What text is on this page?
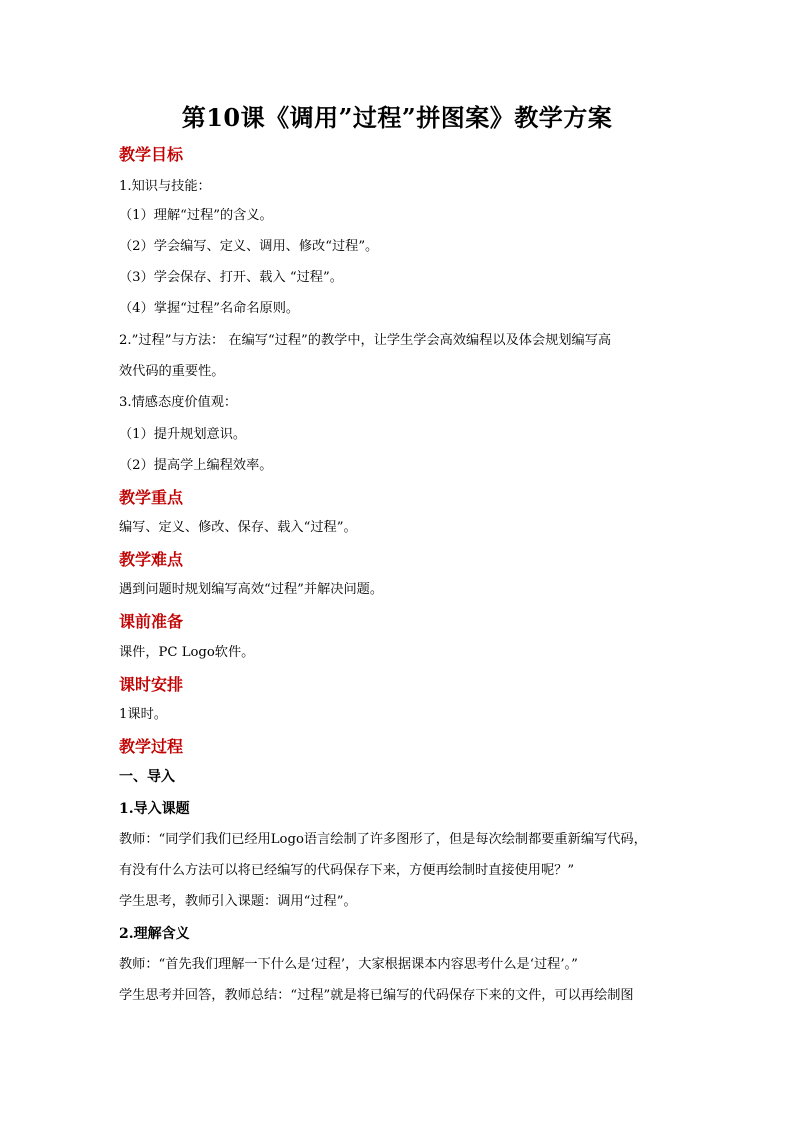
第10课《调用”过程”拼图案》教学方案
教学目标
1.知识与技能：
（1）理解“过程”的含义。
（2）学会编写、定义、调用、修改“过程”。
（3）学会保存、打开、载入 “过程”。
（4）掌握“过程”名命名原则。
2.”过程”与方法： 在编写“过程”的教学中，让学生学会高效编程以及体会规划编写高
效代码的重要性。
3.情感态度价值观：
（1）提升规划意识。
（2）提高学上编程效率。
教学重点
编写、定义、修改、保存、载入“过程”。
教学难点
遇到问题时规划编写高效“过程”并解决问题。
课前准备
课件，PC Logo软件。
课时安排
1课时。
教学过程
一、导入
1.导入课题
教师：“同学们我们已经用Logo语言绘制了许多图形了，但是每次绘制都要重新编写代码，
有没有什么方法可以将已经编写的代码保存下来，方便再绘制时直接使用呢？”
学生思考，教师引入课题：调用“过程”。
2.理解含义
教师：“首先我们理解一下什么是‘过程’，大家根据课本内容思考什么是‘过程’。”
学生思考并回答，教师总结：“过程”就是将已编写的代码保存下来的文件，可以再绘制图
